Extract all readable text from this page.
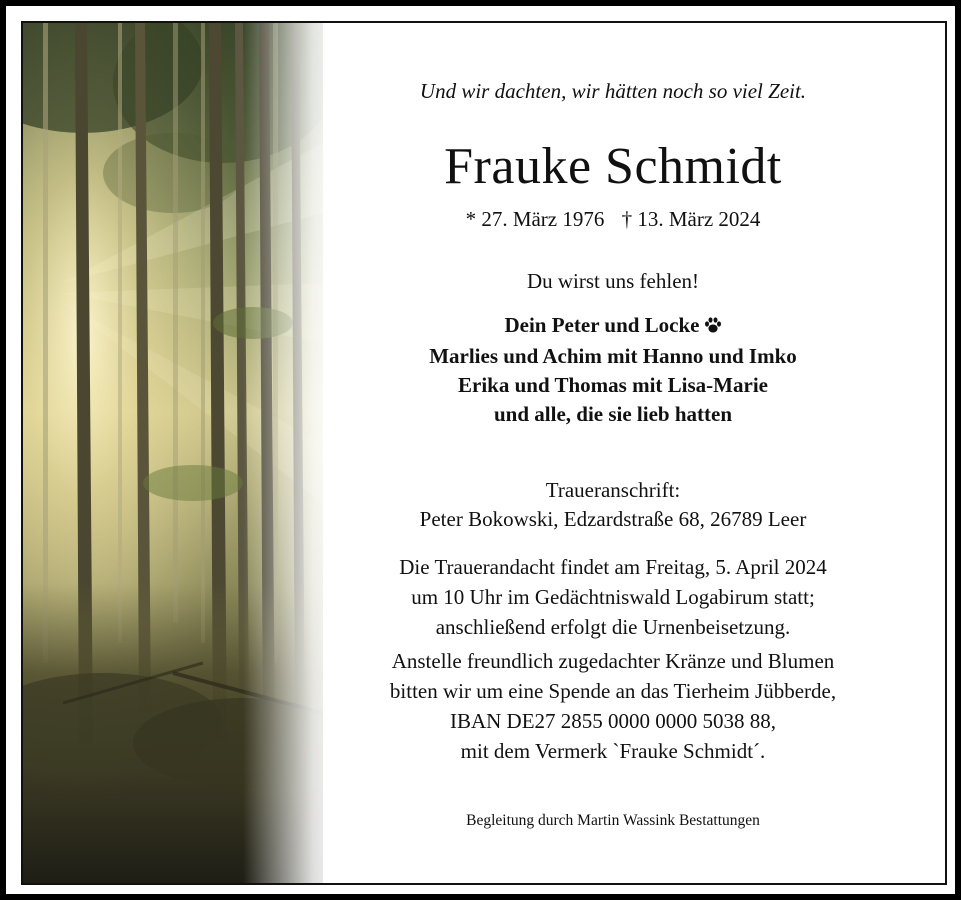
Und wir dachten, wir hätten noch so viel Zeit.
Frauke Schmidt
* 27. März 1976 † 13. März 2024
Du wirst uns fehlen!
Dein Peter und Locke
Marlies und Achim mit Hanno und Imko
Erika und Thomas mit Lisa-Marie
und alle, die sie lieb hatten
Traueranschrift:
Peter Bokowski, Edzardstraße 68, 26789 Leer
Die Trauerandacht findet am Freitag, 5. April 2024
um 10 Uhr im Gedächtniswald Logabirum statt;
anschließend erfolgt die Urnenbeisetzung.
Anstelle freundlich zugedachter Kränze und Blumen
bitten wir um eine Spende an das Tierheim Jübberde,
IBAN DE27 2855 0000 0000 5038 88,
mit dem Vermerk `Frauke Schmidt´.
Begleitung durch Martin Wassink Bestattungen
